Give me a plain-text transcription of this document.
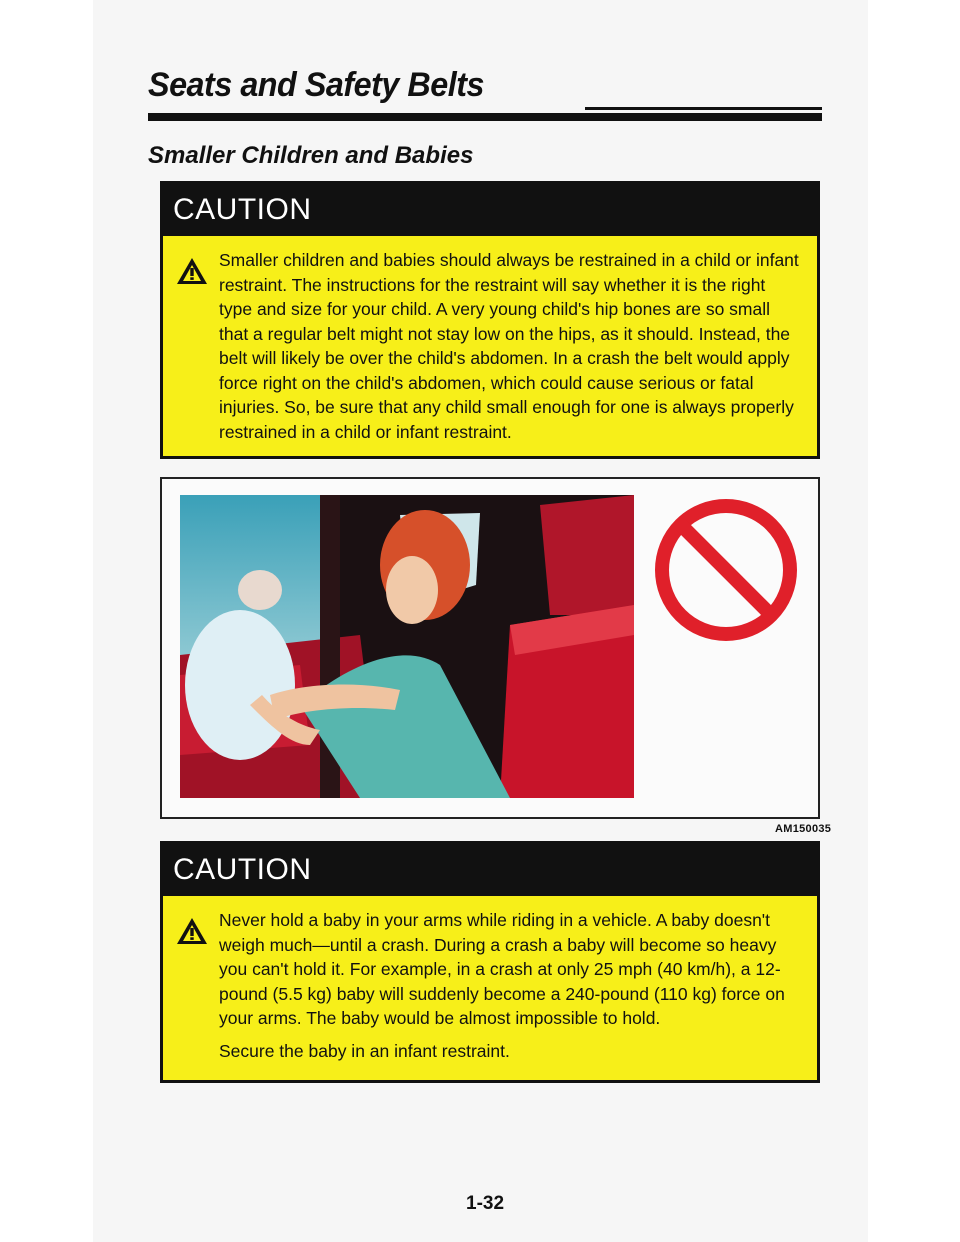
Seats and Safety Belts
Smaller Children and Babies
CAUTION

Smaller children and babies should always be restrained in a child or infant restraint. The instructions for the restraint will say whether it is the right type and size for your child. A very young child's hip bones are so small that a regular belt might not stay low on the hips, as it should. Instead, the belt will likely be over the child's abdomen. In a crash the belt would apply force right on the child's abdomen, which could cause serious or fatal injuries. So, be sure that any child small enough for one is always properly restrained in a child or infant restraint.

AM150035
CAUTION

Never hold a baby in your arms while riding in a vehicle. A baby doesn't weigh much—until a crash. During a crash a baby will become so heavy you can't hold it. For example, in a crash at only 25 mph (40 km/h), a 12-pound (5.5 kg) baby will suddenly become a 240-pound (110 kg) force on your arms. The baby would be almost impossible to hold.

Secure the baby in an infant restraint.

1-32
